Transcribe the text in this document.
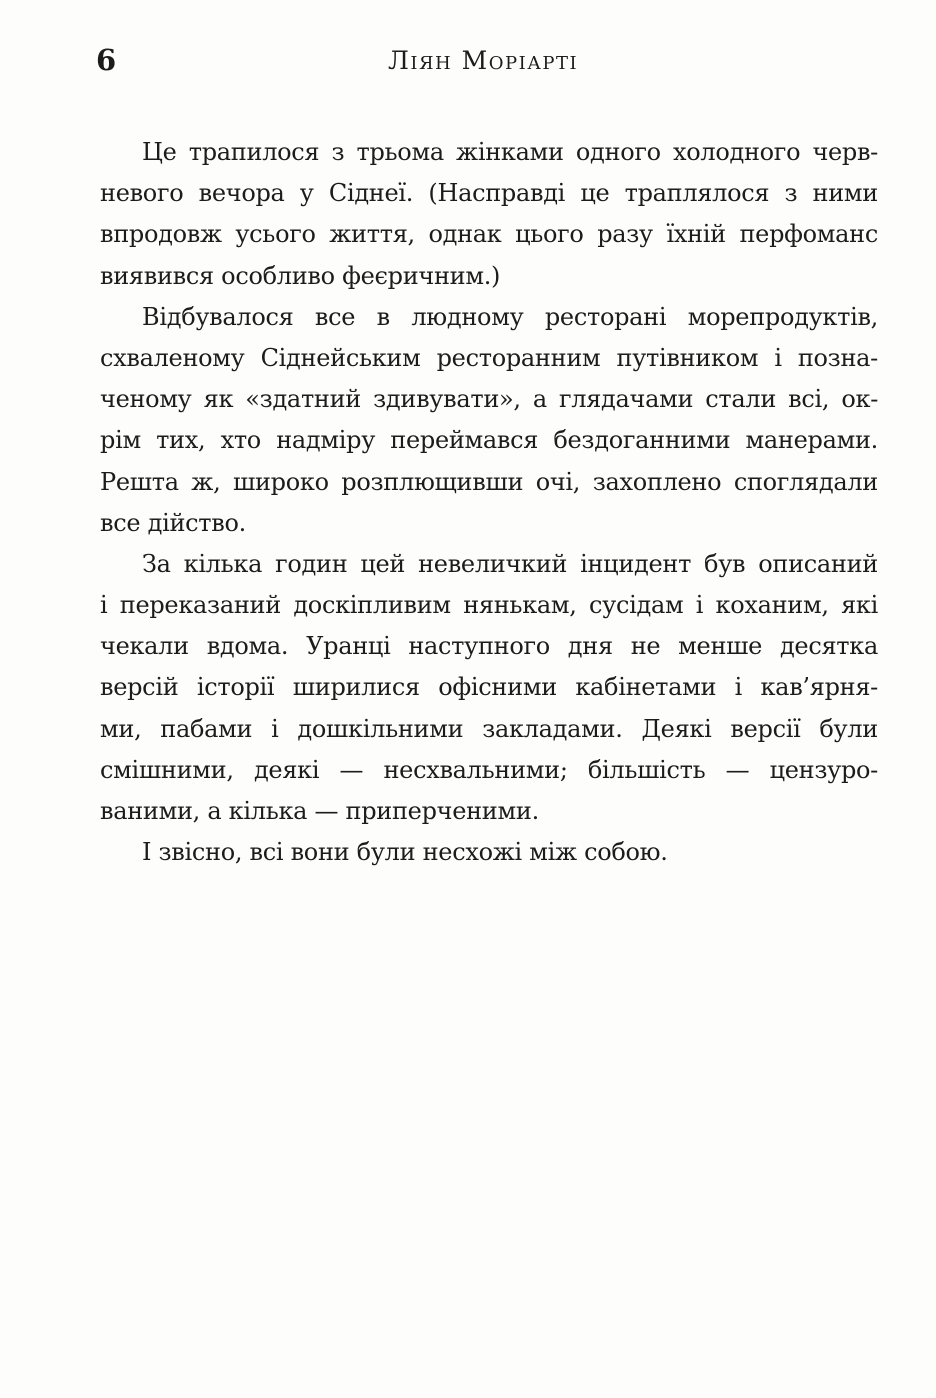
6	Ліян Моріарті
Це трапилося з трьома жінками одного холодного черв-
невого вечора у Сіднеї. (Насправді це траплялося з ними
впродовж усього життя, однак цього разу їхній перфоманс
виявився особливо феєричним.)
Відбувалося все в людному ресторані морепродуктів,
схваленому Сіднейським ресторанним путівником і позна-
ченому як «здатний здивувати», а глядачами стали всі, ок-
рім тих, хто надміру переймався бездоганними манерами.
Решта ж, широко розплющивши очі, захоплено споглядали
все дійство.
За кілька годин цей невеличкий інцидент був описаний
і переказаний доскіпливим нянькам, сусідам і коханим, які
чекали вдома. Уранці наступного дня не менше десятка
версій історії ширилися офісними кабінетами і кав’ярня-
ми, пабами і дошкільними закладами. Деякі версії були
смішними, деякі — несхвальними; більшість — цензуро-
ваними, а кілька — приперченими.
І звісно, всі вони були несхожі між собою.
